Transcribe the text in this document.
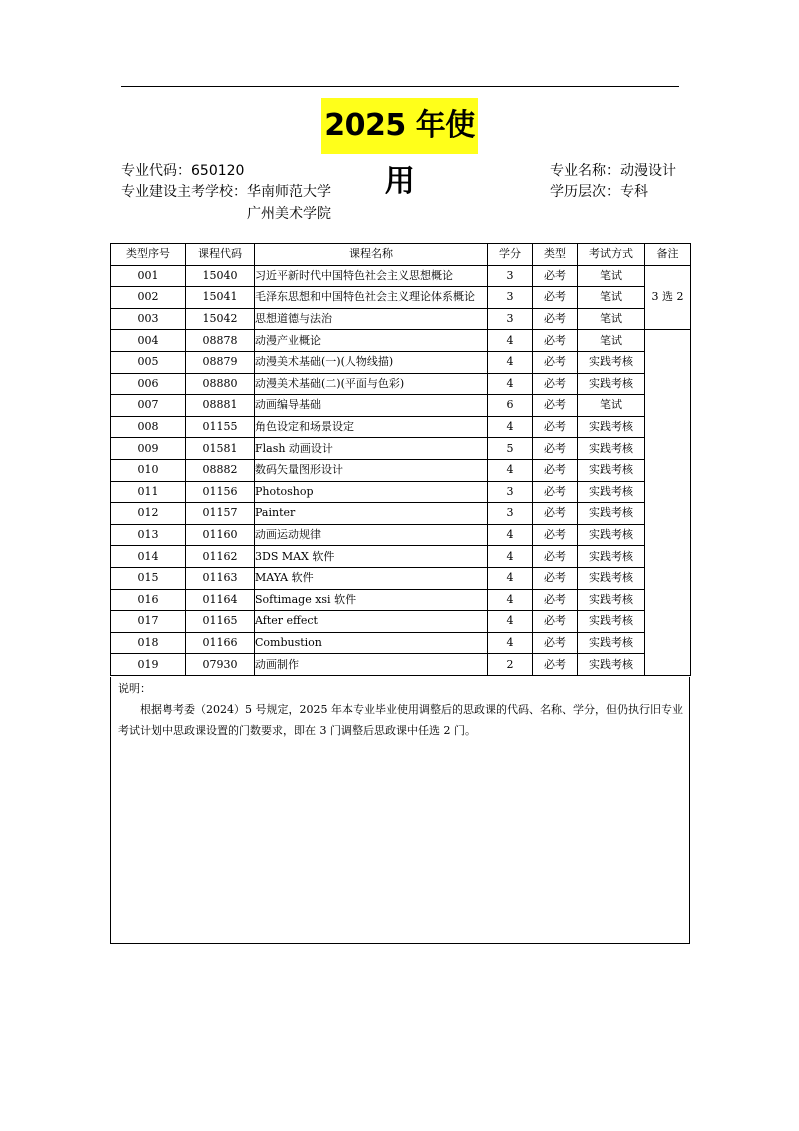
2025 年使用
专业代码：650120	专业名称：动漫设计
专业建设主考学校：华南师范大学
广州美术学院
学历层次：专科
类型序号	课程代码	课程名称	学分	类型	考试方式	备注
001	15040	习近平新时代中国特色社会主义思想概论	3	必考	笔试	3 选 2
002	15041	毛泽东思想和中国特色社会主义理论体系概论	3	必考	笔试	
003	15042	思想道德与法治	3	必考	笔试	
004	08878	动漫产业概论	4	必考	笔试	
005	08879	动漫美术基础(一)(人物线描)	4	必考	实践考核	
006	08880	动漫美术基础(二)(平面与色彩)	4	必考	实践考核	
007	08881	动画编导基础	6	必考	笔试	
008	01155	角色设定和场景设定	4	必考	实践考核	
009	01581	Flash 动画设计	5	必考	实践考核	
010	08882	数码矢量图形设计	4	必考	实践考核	
011	01156	Photoshop	3	必考	实践考核	
012	01157	Painter	3	必考	实践考核	
013	01160	动画运动规律	4	必考	实践考核	
014	01162	3DS MAX 软件	4	必考	实践考核	
015	01163	MAYA 软件	4	必考	实践考核	
016	01164	Softimage xsi 软件	4	必考	实践考核	
017	01165	After effect	4	必考	实践考核	
018	01166	Combustion	4	必考	实践考核	
019	07930	动画制作	2	必考	实践考核	
说明：
根据粤考委（2024）5 号规定，2025 年本专业毕业使用调整后的思政课的代码、名称、学分，但仍执行旧专业考试计划中思政课设置的门数要求，即在 3 门调整后思政课中任选 2 门。
